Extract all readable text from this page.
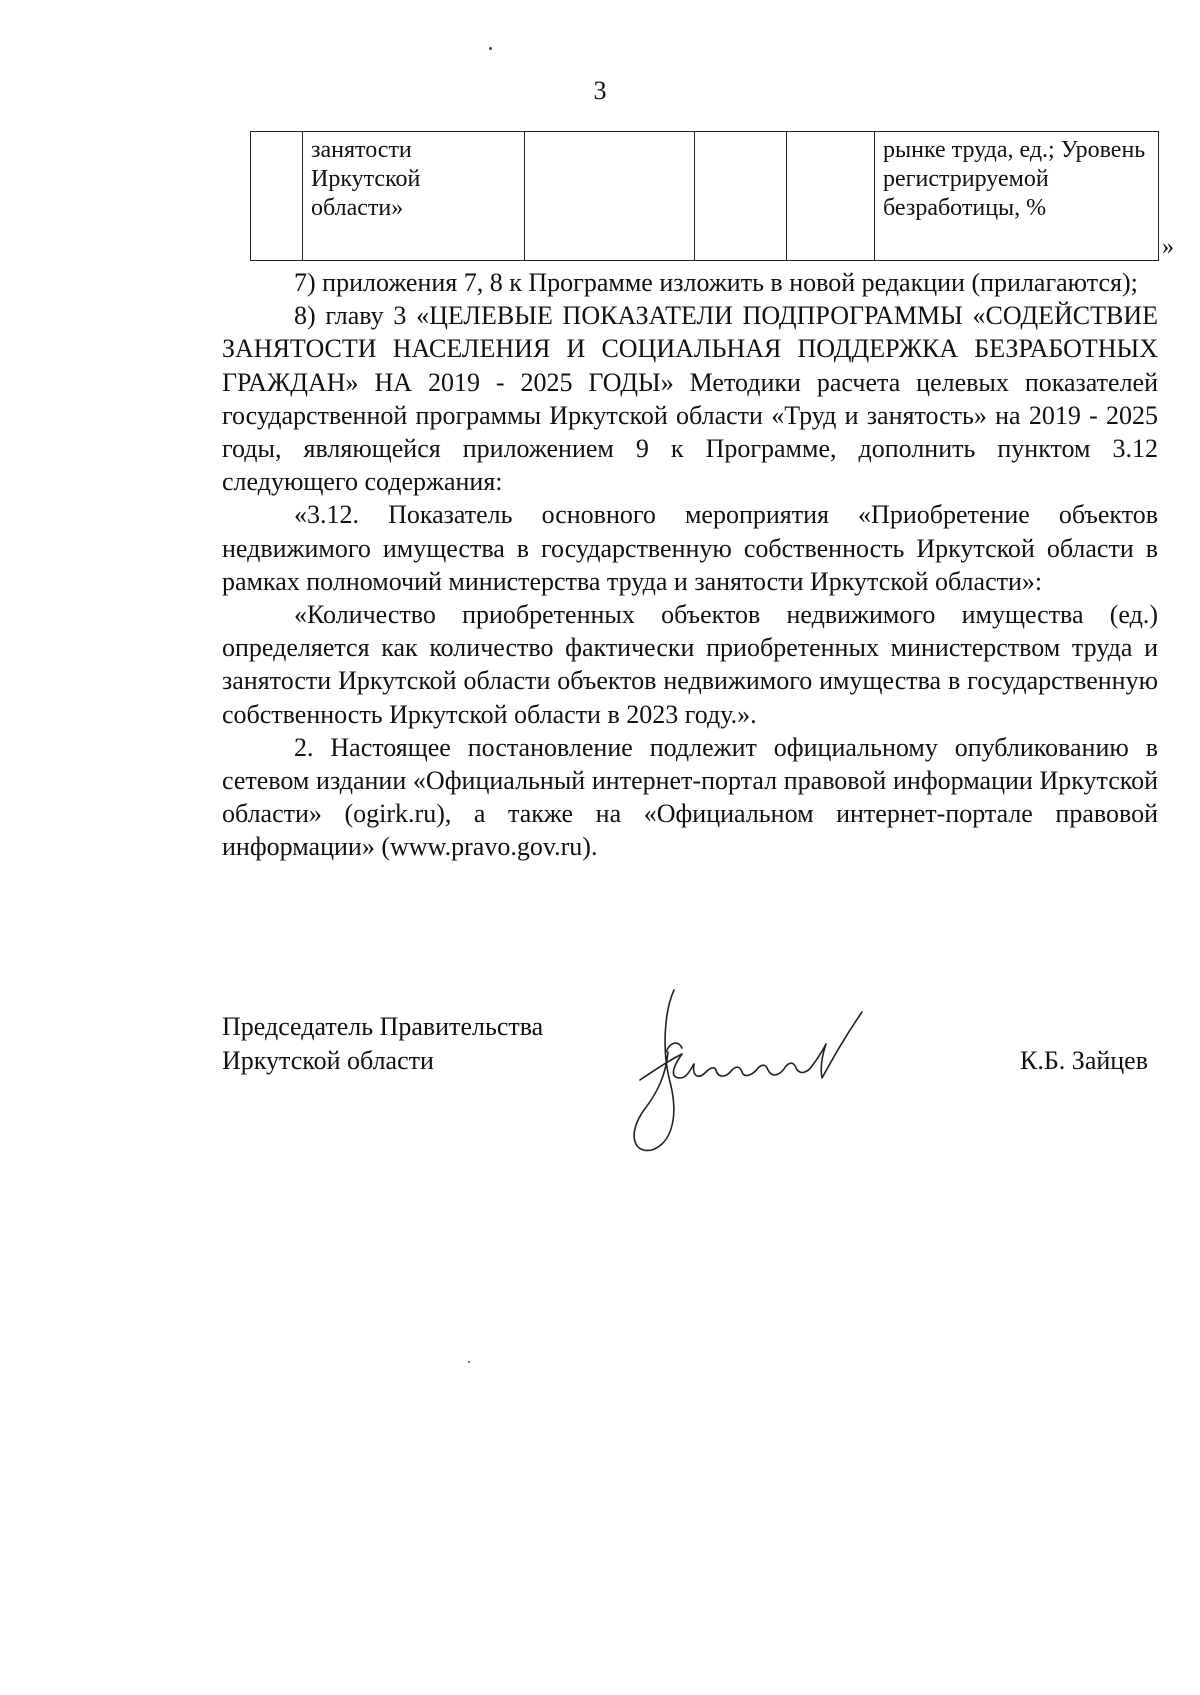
3
	занятости Иркутской области»				рынке труда, ед.; Уровень регистрируемой безработицы, %
»

7) приложения 7, 8 к Программе изложить в новой редакции (прилагаются);

8) главу 3 «ЦЕЛЕВЫЕ ПОКАЗАТЕЛИ ПОДПРОГРАММЫ «СОДЕЙСТВИЕ ЗАНЯТОСТИ НАСЕЛЕНИЯ И СОЦИАЛЬНАЯ ПОДДЕРЖКА БЕЗРАБОТНЫХ ГРАЖДАН» НА 2019 - 2025 ГОДЫ» Методики расчета целевых показателей государственной программы Иркутской области «Труд и занятость» на 2019 - 2025 годы, являющейся приложением 9 к Программе, дополнить пунктом 3.12 следующего содержания:

«3.12. Показатель основного мероприятия «Приобретение объектов недвижимого имущества в государственную собственность Иркутской области в рамках полномочий министерства труда и занятости Иркутской области»:

«Количество приобретенных объектов недвижимого имущества (ед.) определяется как количество фактически приобретенных министерством труда и занятости Иркутской области объектов недвижимого имущества в государственную собственность Иркутской области в 2023 году.».

2. Настоящее постановление подлежит официальному опубликованию в сетевом издании «Официальный интернет-портал правовой информации Иркутской области» (ogirk.ru), а также на «Официальном интернет-портале правовой информации» (www.pravo.gov.ru).

Председатель Правительства
Иркутской области	К.Б. Зайцев
